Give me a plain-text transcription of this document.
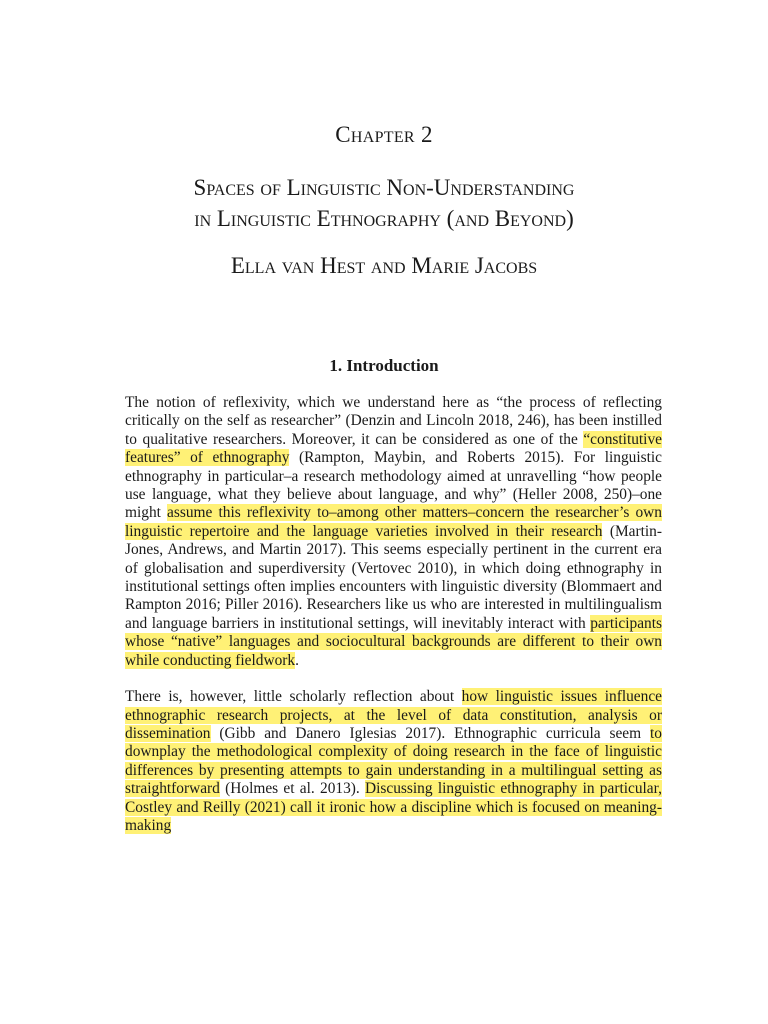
Chapter 2
Spaces of Linguistic Non-Understanding
in Linguistic Ethnography (and Beyond)
Ella van Hest and Marie Jacobs
1. Introduction

The notion of reflexivity, which we understand here as “the process of reflecting critically on the self as researcher” (Denzin and Lincoln 2018, 246), has been instilled to qualitative researchers. Moreover, it can be considered as one of the “constitutive features” of ethnography (Rampton, Maybin, and Roberts 2015). For linguistic ethnography in particular–a research methodology aimed at unravelling “how people use language, what they believe about language, and why” (Heller 2008, 250)–one might assume this reflexivity to–among other matters–concern the researcher’s own linguistic repertoire and the language varieties involved in their research (Martin-Jones, Andrews, and Martin 2017). This seems especially pertinent in the current era of globalisation and superdiversity (Vertovec 2010), in which doing ethnography in institutional settings often implies encounters with linguistic diversity (Blommaert and Rampton 2016; Piller 2016). Researchers like us who are interested in multilingualism and language barriers in institutional settings, will inevitably interact with participants whose “native” languages and sociocultural backgrounds are different to their own while conducting fieldwork.

There is, however, little scholarly reflection about how linguistic issues influence ethnographic research projects, at the level of data constitution, analysis or dissemination (Gibb and Danero Iglesias 2017). Ethnographic curricula seem to downplay the methodological complexity of doing research in the face of linguistic differences by presenting attempts to gain understanding in a multilingual setting as straightforward (Holmes et al. 2013). Discussing linguistic ethnography in particular, Costley and Reilly (2021) call it ironic how a discipline which is focused on meaning-making
